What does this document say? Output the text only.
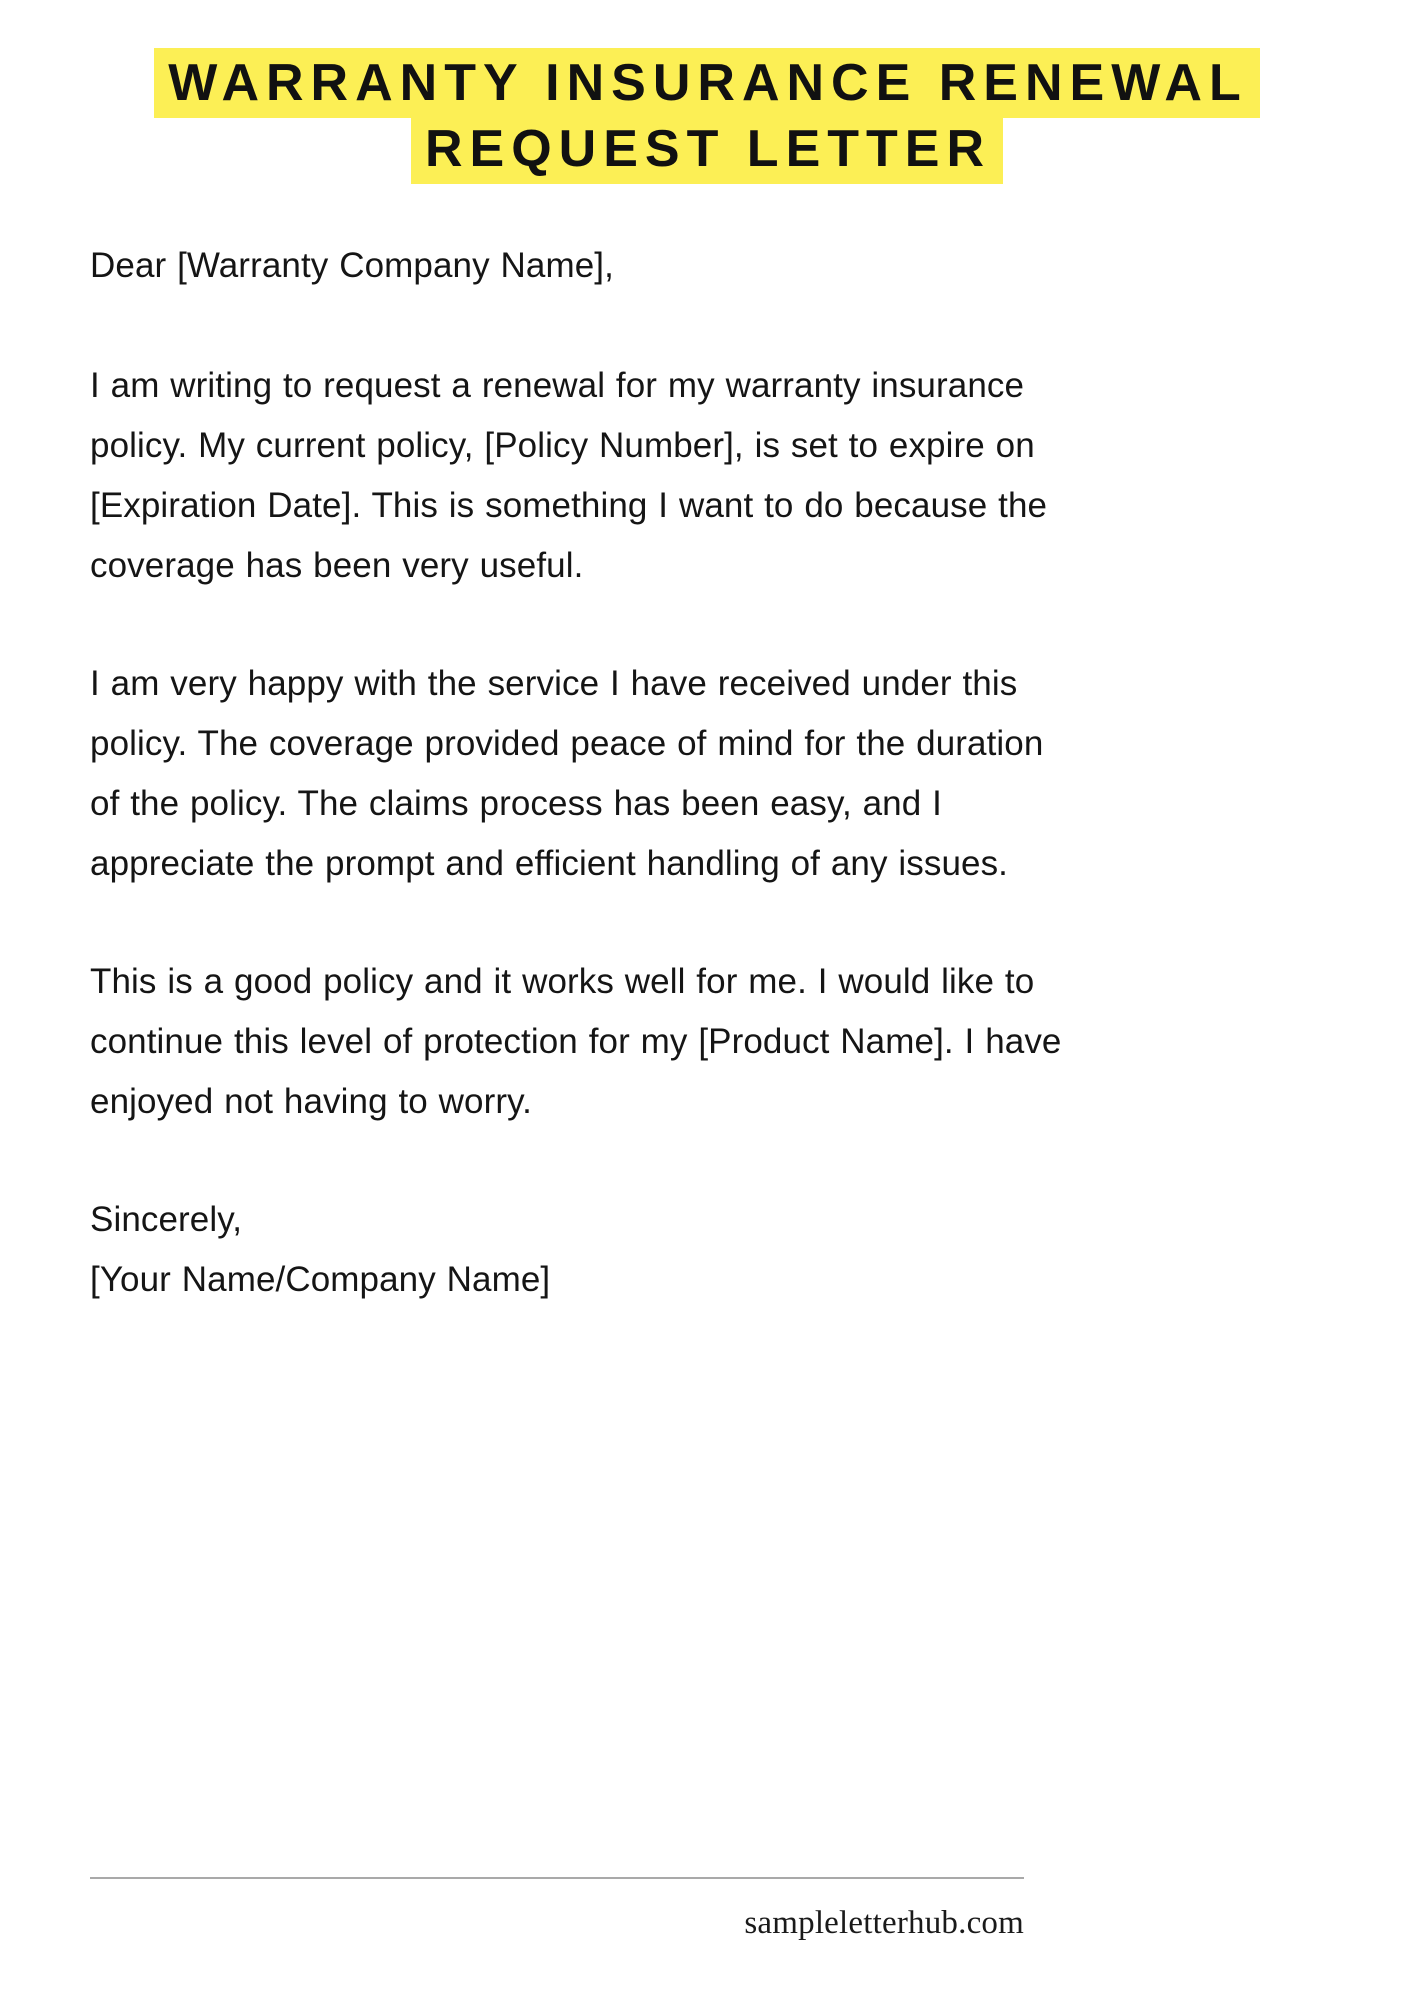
WARRANTY INSURANCE RENEWAL
REQUEST LETTER

Dear [Warranty Company Name],

I am writing to request a renewal for my warranty insurance policy. My current policy, [Policy Number], is set to expire on [Expiration Date]. This is something I want to do because the coverage has been very useful.

I am very happy with the service I have received under this policy. The coverage provided peace of mind for the duration of the policy. The claims process has been easy, and I appreciate the prompt and efficient handling of any issues.

This is a good policy and it works well for me. I would like to continue this level of protection for my [Product Name]. I have enjoyed not having to worry.

Sincerely,

[Your Name/Company Name]

sampleletterhub.com
